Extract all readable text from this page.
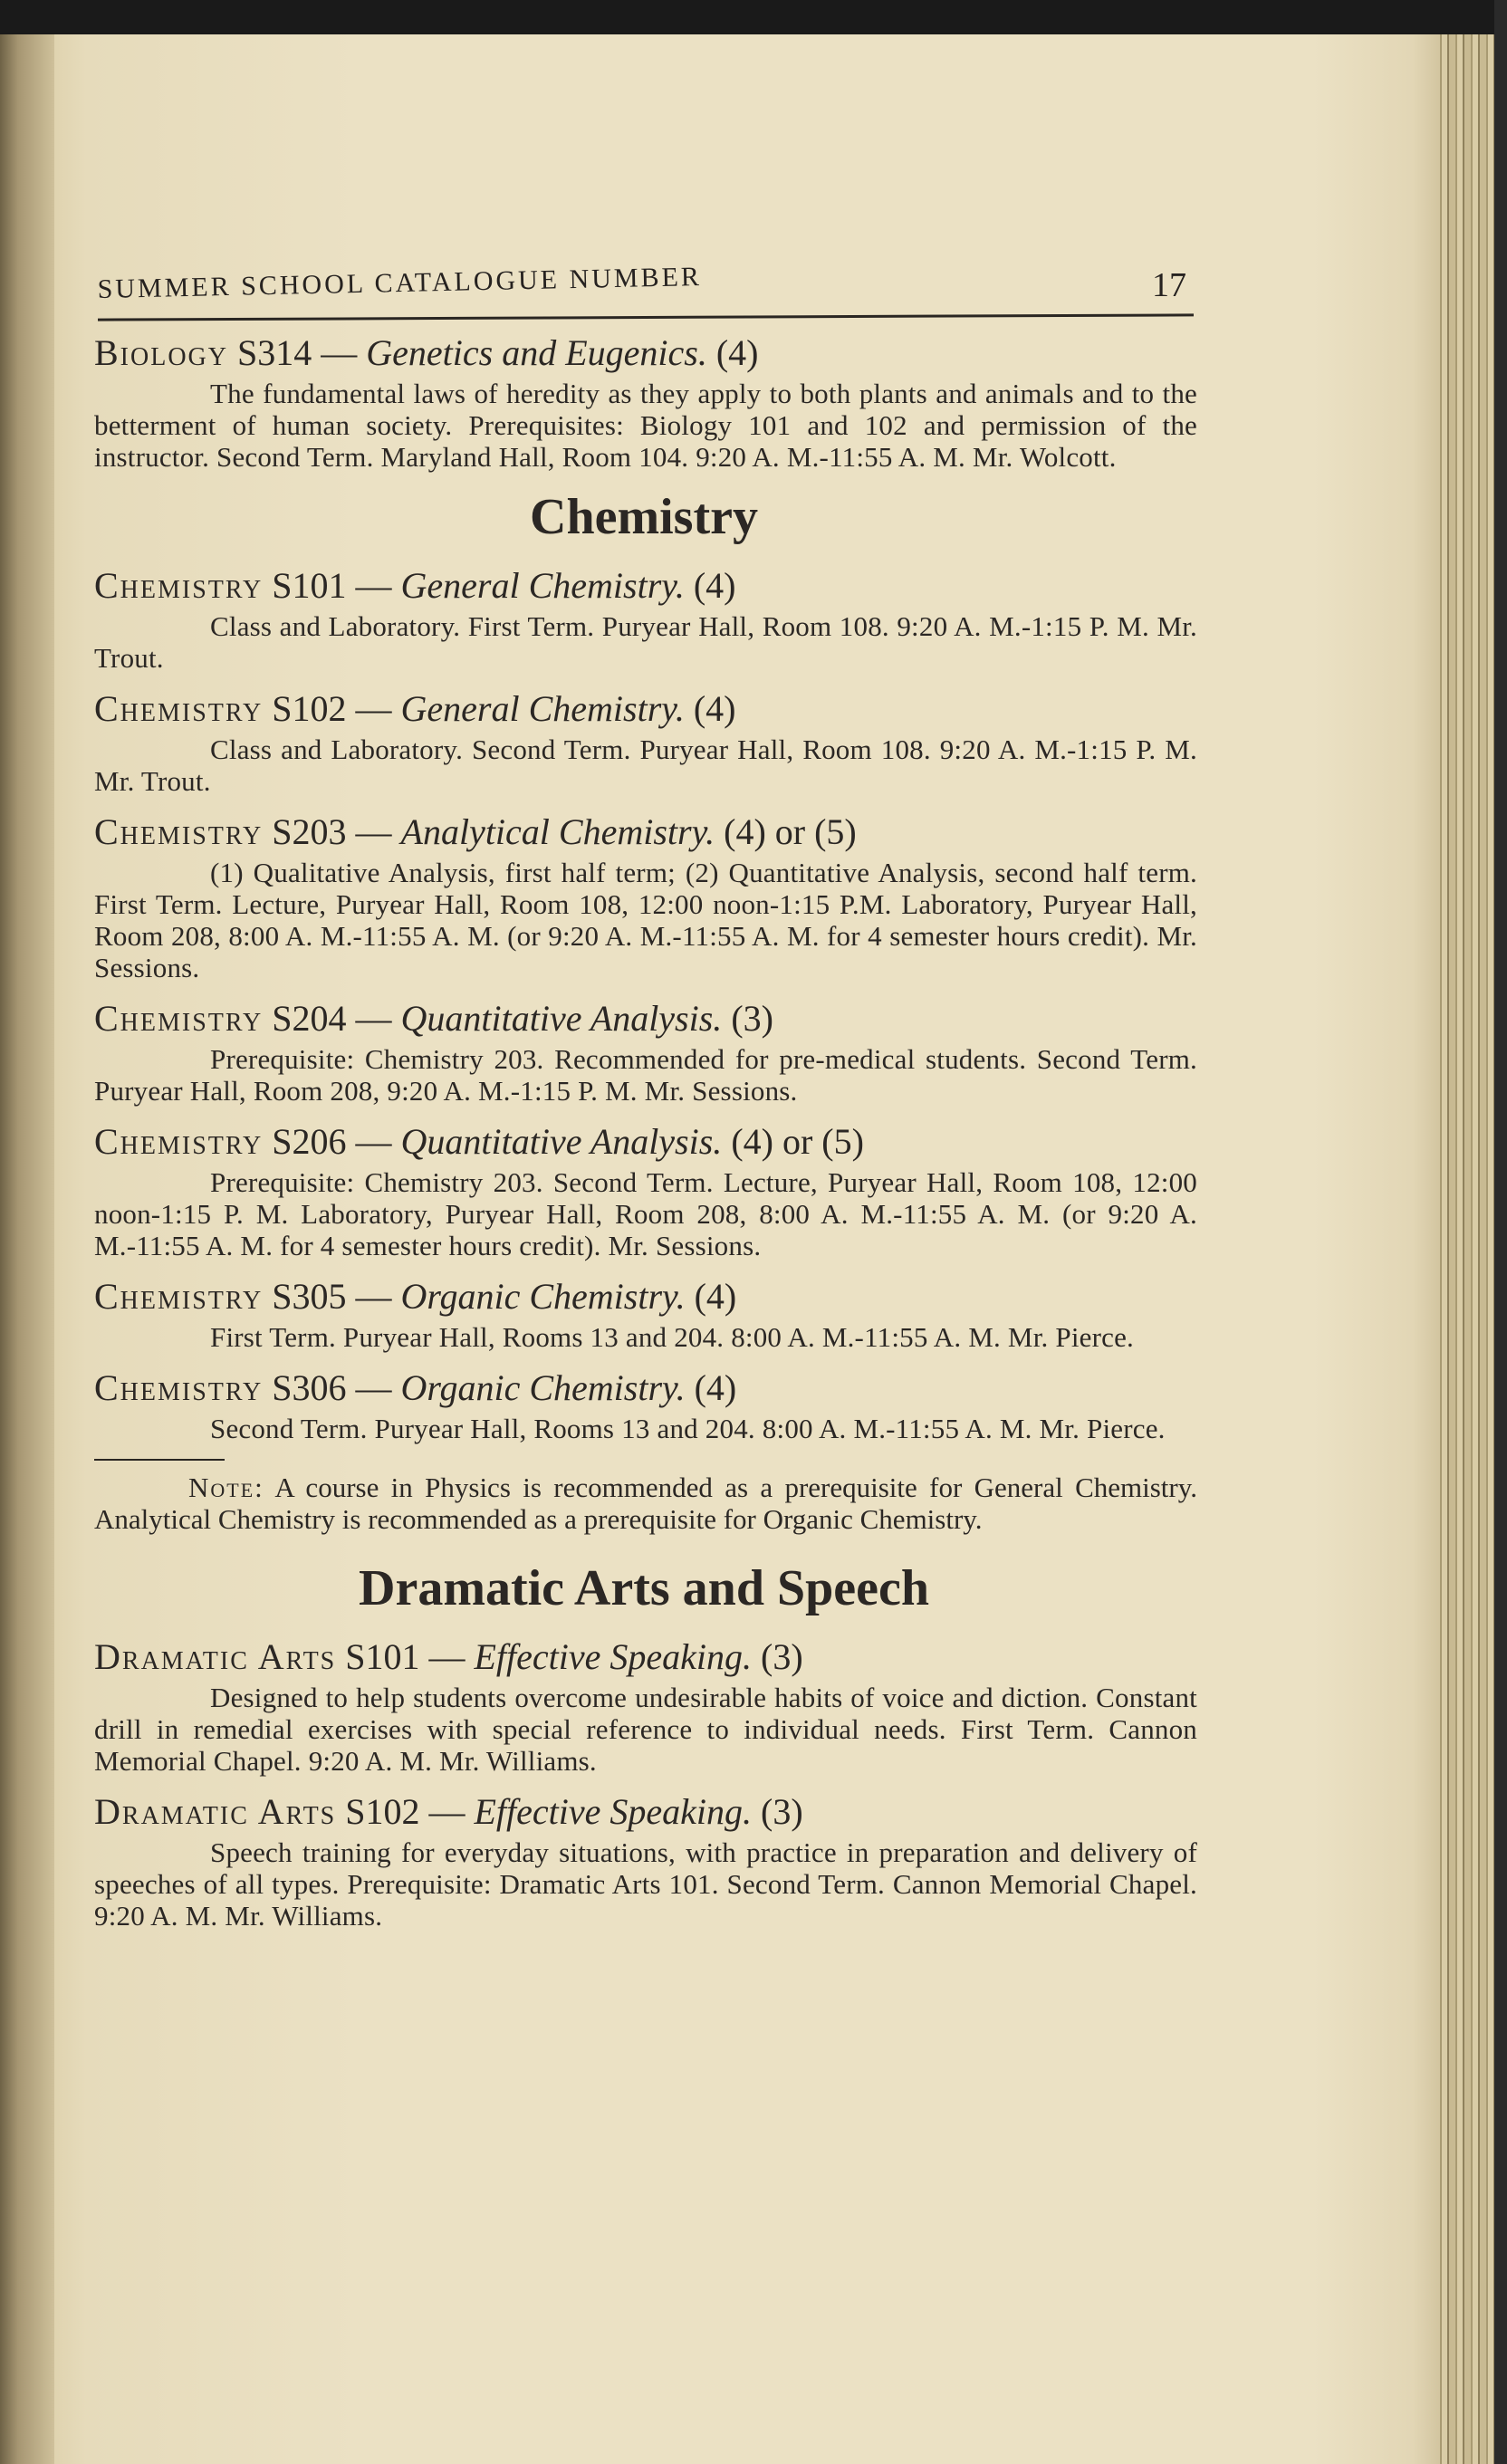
SUMMER SCHOOL CATALOGUE NUMBER	17
Biology S314 — Genetics and Eugenics. (4)

The fundamental laws of heredity as they apply to both plants and animals and to the betterment of human society. Prerequisites: Biology 101 and 102 and permission of the instructor. Second Term. Maryland Hall, Room 104. 9:20 A. M.-11:55 A. M. Mr. Wolcott.

Chemistry
Chemistry S101 — General Chemistry. (4)

Class and Laboratory. First Term. Puryear Hall, Room 108. 9:20 A. M.-1:15 P. M. Mr. Trout.

Chemistry S102 — General Chemistry. (4)

Class and Laboratory. Second Term. Puryear Hall, Room 108. 9:20 A. M.-1:15 P. M. Mr. Trout.

Chemistry S203 — Analytical Chemistry. (4) or (5)

(1) Qualitative Analysis, first half term; (2) Quantitative Analysis, second half term. First Term. Lecture, Puryear Hall, Room 108, 12:00 noon-1:15 P.M. Laboratory, Puryear Hall, Room 208, 8:00 A. M.-11:55 A. M. (or 9:20 A. M.-11:55 A. M. for 4 semester hours credit). Mr. Sessions.

Chemistry S204 — Quantitative Analysis. (3)

Prerequisite: Chemistry 203. Recommended for pre-medical students. Second Term. Puryear Hall, Room 208, 9:20 A. M.-1:15 P. M. Mr. Sessions.

Chemistry S206 — Quantitative Analysis. (4) or (5)

Prerequisite: Chemistry 203. Second Term. Lecture, Puryear Hall, Room 108, 12:00 noon-1:15 P. M. Laboratory, Puryear Hall, Room 208, 8:00 A. M.-11:55 A. M. (or 9:20 A. M.-11:55 A. M. for 4 semester hours credit). Mr. Sessions.

Chemistry S305 — Organic Chemistry. (4)

First Term. Puryear Hall, Rooms 13 and 204. 8:00 A. M.-11:55 A. M. Mr. Pierce.

Chemistry S306 — Organic Chemistry. (4)

Second Term. Puryear Hall, Rooms 13 and 204. 8:00 A. M.-11:55 A. M. Mr. Pierce.

Note: A course in Physics is recommended as a prerequisite for General Chemistry. Analytical Chemistry is recommended as a prerequisite for Organic Chemistry.

Dramatic Arts and Speech
Dramatic Arts S101 — Effective Speaking. (3)

Designed to help students overcome undesirable habits of voice and diction. Constant drill in remedial exercises with special reference to individual needs. First Term. Cannon Memorial Chapel. 9:20 A. M. Mr. Williams.

Dramatic Arts S102 — Effective Speaking. (3)

Speech training for everyday situations, with practice in preparation and delivery of speeches of all types. Prerequisite: Dramatic Arts 101. Second Term. Cannon Memorial Chapel. 9:20 A. M. Mr. Williams.
